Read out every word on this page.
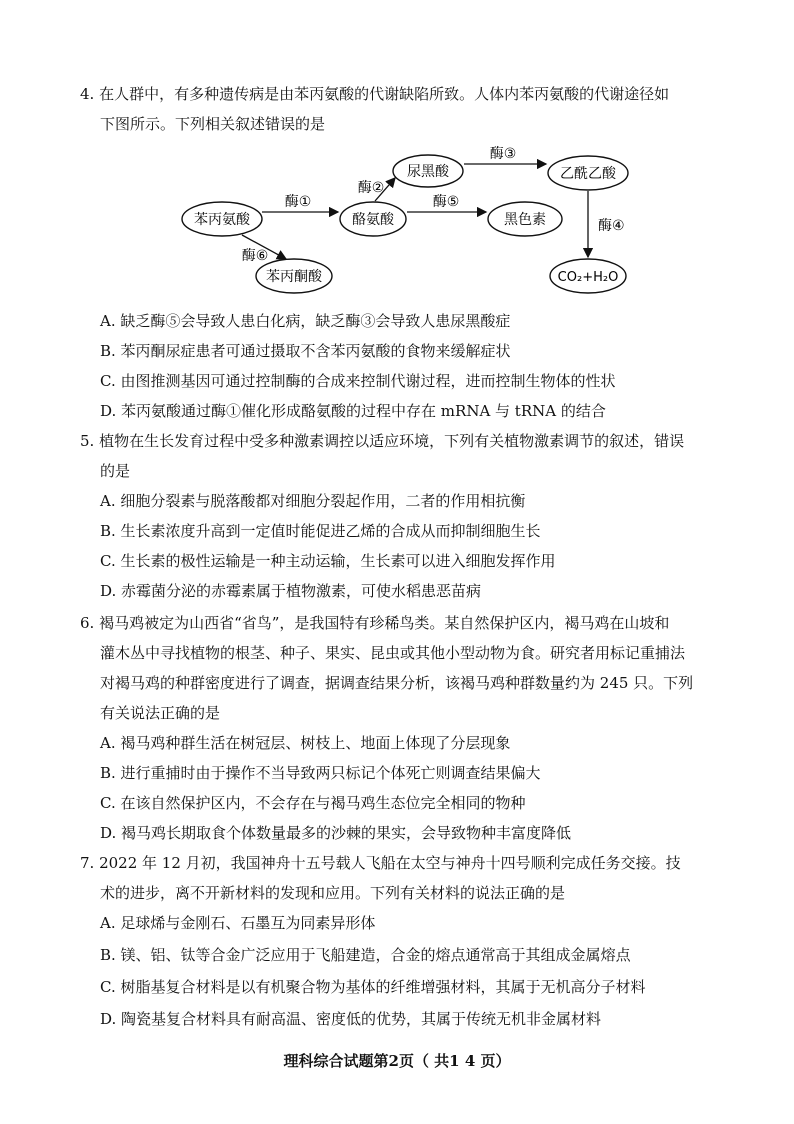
4. 在人群中，有多种遗传病是由苯丙氨酸的代谢缺陷所致。人体内苯丙氨酸的代谢途径如
下图所示。下列相关叙述错误的是
苯丙氨酸	酪氨酸
尿黑酸	乙酰乙酸
黑色素
苯丙酮酸	CO₂+H₂O
酶①
酶②
酶③
酶⑤
酶④
酶⑥
A. 缺乏酶⑤会导致人患白化病，缺乏酶③会导致人患尿黑酸症
B. 苯丙酮尿症患者可通过摄取不含苯丙氨酸的食物来缓解症状
C. 由图推测基因可通过控制酶的合成来控制代谢过程，进而控制生物体的性状
D. 苯丙氨酸通过酶①催化形成酪氨酸的过程中存在 mRNA 与 tRNA 的结合
5. 植物在生长发育过程中受多种激素调控以适应环境，下列有关植物激素调节的叙述，错误
的是
A. 细胞分裂素与脱落酸都对细胞分裂起作用，二者的作用相抗衡
B. 生长素浓度升高到一定值时能促进乙烯的合成从而抑制细胞生长
C. 生长素的极性运输是一种主动运输，生长素可以进入细胞发挥作用
D. 赤霉菌分泌的赤霉素属于植物激素，可使水稻患恶苗病
6. 褐马鸡被定为山西省“省鸟”，是我国特有珍稀鸟类。某自然保护区内，褐马鸡在山坡和
灌木丛中寻找植物的根茎、种子、果实、昆虫或其他小型动物为食。研究者用标记重捕法
对褐马鸡的种群密度进行了调查，据调查结果分析，该褐马鸡种群数量约为 245 只。下列
有关说法正确的是
A. 褐马鸡种群生活在树冠层、树枝上、地面上体现了分层现象
B. 进行重捕时由于操作不当导致两只标记个体死亡则调查结果偏大
C. 在该自然保护区内，不会存在与褐马鸡生态位完全相同的物种
D. 褐马鸡长期取食个体数量最多的沙棘的果实，会导致物种丰富度降低
7. 2022 年 12 月初，我国神舟十五号载人飞船在太空与神舟十四号顺利完成任务交接。技
术的进步，离不开新材料的发现和应用。下列有关材料的说法正确的是
A. 足球烯与金刚石、石墨互为同素异形体
B. 镁、铝、钛等合金广泛应用于飞船建造，合金的熔点通常高于其组成金属熔点
C. 树脂基复合材料是以有机聚合物为基体的纤维增强材料，其属于无机高分子材料
D. 陶瓷基复合材料具有耐高温、密度低的优势，其属于传统无机非金属材料
理科综合试题第2页（ 共1 4 页）
